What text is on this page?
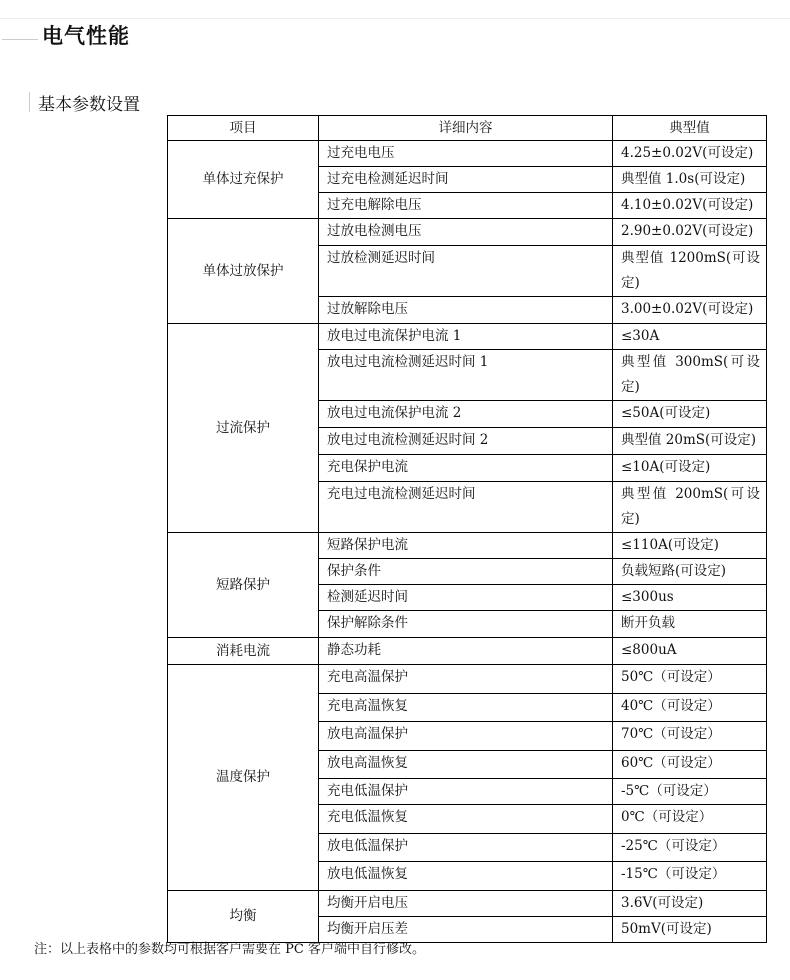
电气性能
基本参数设置
项目	详细内容	典型值
单体过充保护	过充电电压	4.25±0.02V(可设定)
	过充电检测延迟时间	典型值 1.0s(可设定)
	过充电解除电压	4.10±0.02V(可设定)
单体过放保护	过放电检测电压	2.90±0.02V(可设定)
	过放检测延迟时间	典型值 1200mS(可设定)
	过放解除电压	3.00±0.02V(可设定)
过流保护	放电过电流保护电流 1	≤30A
	放电过电流检测延迟时间 1	典型值 300mS(可设定)
	放电过电流保护电流 2	≤50A(可设定)
	放电过电流检测延迟时间 2	典型值 20mS(可设定)
	充电保护电流	≤10A(可设定)
	充电过电流检测延迟时间	典型值 200mS(可设定)
短路保护	短路保护电流	≤110A(可设定)
	保护条件	负载短路(可设定)
	检测延迟时间	≤300us
	保护解除条件	断开负载
消耗电流	静态功耗	≤800uA
温度保护	充电高温保护	50℃（可设定）
	充电高温恢复	40℃（可设定）
	放电高温保护	70℃（可设定）
	放电高温恢复	60℃（可设定）
	充电低温保护	-5℃（可设定）
	充电低温恢复	0℃（可设定）
	放电低温保护	-25℃（可设定）
	放电低温恢复	-15℃（可设定）
均衡	均衡开启电压	3.6V(可设定)
	均衡开启压差	50mV(可设定)
注：以上表格中的参数均可根据客户需要在 PC 客户端中自行修改。
